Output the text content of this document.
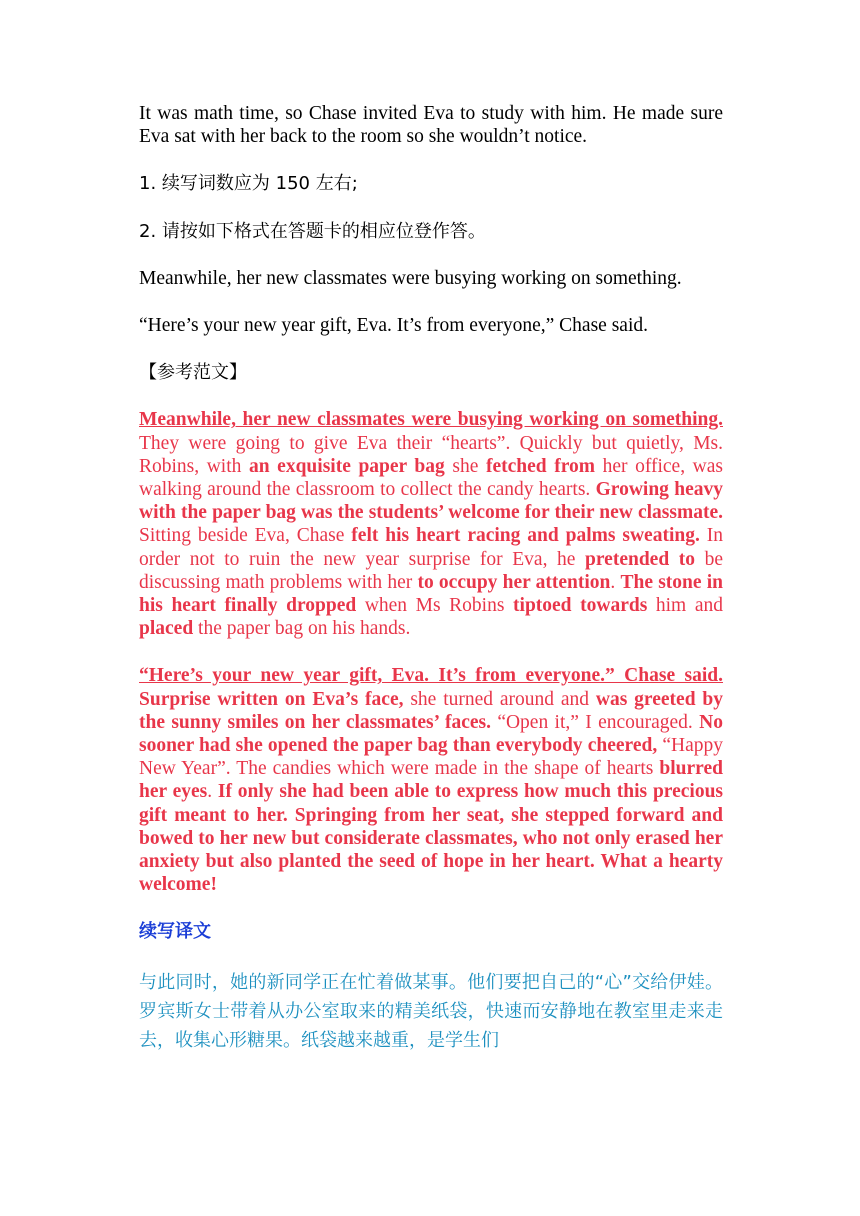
It was math time, so Chase invited Eva to study with him. He made sure Eva sat with her back to the room so she wouldn’t notice.

1. 续写词数应为 150 左右;

2. 请按如下格式在答题卡的相应位登作答。

Meanwhile, her new classmates were busying working on something.

“Here’s your new year gift, Eva. It’s from everyone,” Chase said.

【参考范文】

Meanwhile, her new classmates were busying working on something. They were going to give Eva their “hearts”. Quickly but quietly, Ms. Robins, with an exquisite paper bag she fetched from her office, was walking around the classroom to collect the candy hearts. Growing heavy with the paper bag was the students’ welcome for their new classmate. Sitting beside Eva, Chase felt his heart racing and palms sweating. In order not to ruin the new year surprise for Eva, he pretended to be discussing math problems with her to occupy her attention. The stone in his heart finally dropped when Ms Robins tiptoed towards him and placed the paper bag on his hands.

“Here’s your new year gift, Eva. It’s from everyone.” Chase said. Surprise written on Eva’s face, she turned around and was greeted by the sunny smiles on her classmates’ faces. “Open it,” I encouraged. No sooner had she opened the paper bag than everybody cheered, “Happy New Year”. The candies which were made in the shape of hearts blurred her eyes. If only she had been able to express how much this precious gift meant to her. Springing from her seat, she stepped forward and bowed to her new but considerate classmates, who not only erased her anxiety but also planted the seed of hope in her heart. What a hearty welcome!

续写译文

与此同时，她的新同学正在忙着做某事。他们要把自己的“心”交给伊娃。罗宾斯女士带着从办公室取来的精美纸袋，快速而安静地在教室里走来走去，收集心形糖果。纸袋越来越重，是学生们
